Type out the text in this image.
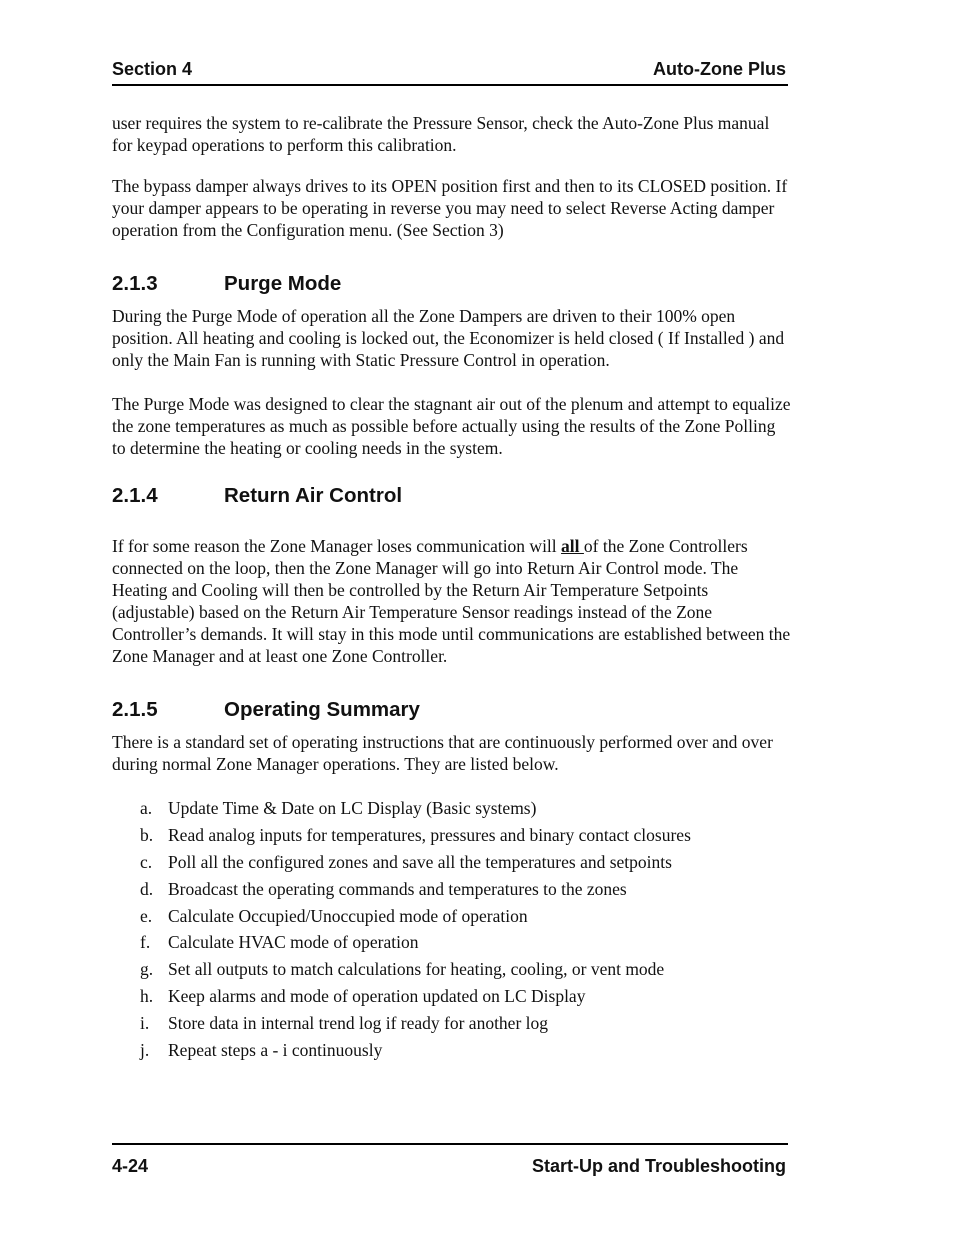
Section 4	Auto-Zone Plus

user requires the system to re-calibrate the Pressure Sensor, check the Auto-Zone Plus manual for keypad operations to perform this calibration.

The bypass damper always drives to its OPEN position first and then to its CLOSED position. If your damper appears to be operating in reverse you may need to select Reverse Acting damper operation from the Configuration menu. (See Section 3)

2.1.3	Purge Mode

During the Purge Mode of operation all the Zone Dampers are driven to their 100% open position. All heating and cooling is locked out, the Economizer is held closed ( If Installed ) and only the Main Fan is running with Static Pressure Control in operation.

The Purge Mode was designed to clear the stagnant air out of the plenum and attempt to equalize the zone temperatures as much as possible before actually using the results of the Zone Polling to determine the heating or cooling needs in the system.

2.1.4	Return Air Control

If for some reason the Zone Manager loses communication will all of the Zone Controllers connected on the loop, then the Zone Manager will go into Return Air Control mode. The Heating and Cooling will then be controlled by the Return Air Temperature Setpoints (adjustable) based on the Return Air Temperature Sensor readings instead of the Zone Controller’s demands. It will stay in this mode until communications are established between the Zone Manager and at least one Zone Controller.

2.1.5	Operating Summary

There is a standard set of operating instructions that are continuously performed over and over during normal Zone Manager operations. They are listed below.

a. Update Time & Date on LC Display (Basic systems)
b. Read analog inputs for temperatures, pressures and binary contact closures
c. Poll all the configured zones and save all the temperatures and setpoints
d. Broadcast the operating commands and temperatures to the zones
e. Calculate Occupied/Unoccupied mode of operation
f. Calculate HVAC mode of operation
g. Set all outputs to match calculations for heating, cooling, or vent mode
h. Keep alarms and mode of operation updated on LC Display
i. Store data in internal trend log if ready for another log
j. Repeat steps a - i continuously
4-24	Start-Up and Troubleshooting
